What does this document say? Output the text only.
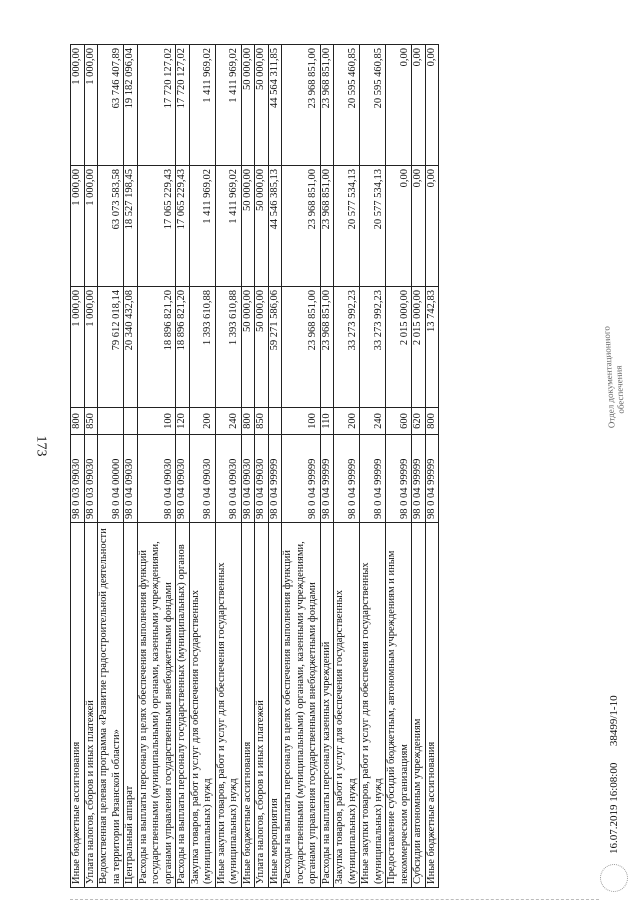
173
Иные бюджетные ассигнования	98 0 03 09030	800	1 000,00	1 000,00	1 000,00
Уплата налогов, сборов и иных платежей	98 0 03 09030	850	1 000,00	1 000,00	1 000,00
Ведомственная целевая программа «Развитие градостроительной деятельности на территории Рязанской области»	98 0 04 00000		79 612 018,14	63 073 583,58	63 746 407,89
Центральный аппарат	98 0 04 09030		20 340 432,08	18 527 198,45	19 182 096,04
Расходы на выплаты персоналу в целях обеспечения выполнения функций государственными (муниципальными) органами, казенными учреждениями, органами управления государственными внебюджетными фондами	98 0 04 09030	100	18 896 821,20	17 065 229,43	17 720 127,02
Расходы на выплаты персоналу государственных (муниципальных) органов	98 0 04 09030	120	18 896 821,20	17 065 229,43	17 720 127,02
Закупка товаров, работ и услуг для обеспечения государственных (муниципальных) нужд	98 0 04 09030	200	1 393 610,88	1 411 969,02	1 411 969,02
Иные закупки товаров, работ и услуг для обеспечения государственных (муниципальных) нужд	98 0 04 09030	240	1 393 610,88	1 411 969,02	1 411 969,02
Иные бюджетные ассигнования	98 0 04 09030	800	50 000,00	50 000,00	50 000,00
Уплата налогов, сборов и иных платежей	98 0 04 09030	850	50 000,00	50 000,00	50 000,00
Иные мероприятия	98 0 04 99999		59 271 586,06	44 546 385,13	44 564 311,85
Расходы на выплаты персоналу в целях обеспечения выполнения функций государственными (муниципальными) органами, казенными учреждениями, органами управления государственными внебюджетными фондами	98 0 04 99999	100	23 968 851,00	23 968 851,00	23 968 851,00
Расходы на выплаты персоналу казенных учреждений	98 0 04 99999	110	23 968 851,00	23 968 851,00	23 968 851,00
Закупка товаров, работ и услуг для обеспечения государственных (муниципальных) нужд	98 0 04 99999	200	33 273 992,23	20 577 534,13	20 595 460,85
Иные закупки товаров, работ и услуг для обеспечения государственных (муниципальных) нужд	98 0 04 99999	240	33 273 992,23	20 577 534,13	20 595 460,85
Предоставление субсидий бюджетным, автономным учреждениям и иным некоммерческим организациям	98 0 04 99999	600	2 015 000,00	0,00	0,00
Субсидии автономным учреждениям	98 0 04 99999	620	2 015 000,00	0,00	0,00
Иные бюджетные ассигнования	98 0 04 99999	800	13 742,83	0,00	0,00
16.07.2019 16:08:00      38499/1-10
Отдел документационного
обеспечения
